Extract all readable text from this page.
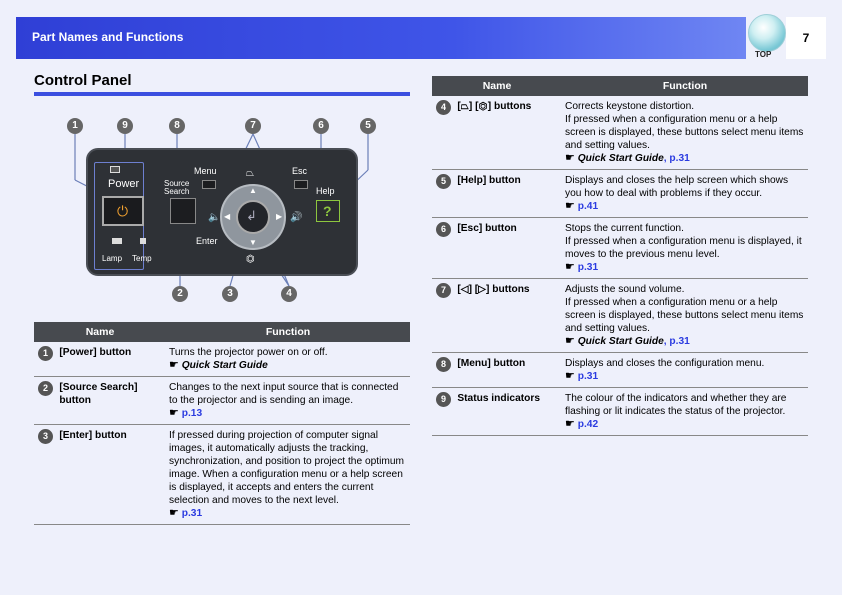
Part Names and Functions
TOP
7
Control Panel
1	9	8	7	6	5
Power
⏻
Lamp Temp
Source
Search
Menu
↲
▲
▼
◀	▶
⏢
⏣
🔈	🔊
Enter
Esc
Help
?
2	3	4
Name		Function
1	[Power] button	Turns the projector power on or off.
☛ Quick Start Guide

2	[Source Search] button	Changes to the next input source that is connected to the projector and is sending an image.
☛ p.13

3	[Enter] button	If pressed during projection of computer signal images, it automatically adjusts the tracking, synchronization, and position to project the optimum image. When a configuration menu or a help screen is displayed, it accepts and enters the current selection and moves to the next level.
☛ p.31
Name		Function
4	[⏢] [⏣] buttons	Corrects keystone distortion.
If pressed when a configuration menu or a help screen is displayed, these buttons select menu items and setting values.
☛ Quick Start Guide, p.31

5	[Help] button	Displays and closes the help screen which shows you how to deal with problems if they occur.
☛ p.41

6	[Esc] button	Stops the current function.
If pressed when a configuration menu is displayed, it moves to the previous menu level.
☛ p.31

7	[◁] [▷] buttons	Adjusts the sound volume.
If pressed when a configuration menu or a help screen is displayed, these buttons select menu items and setting values.
☛ Quick Start Guide, p.31

8	[Menu] button	Displays and closes the configuration menu.
☛ p.31

9	Status indicators	The colour of the indicators and whether they are flashing or lit indicates the status of the projector.
☛ p.42
